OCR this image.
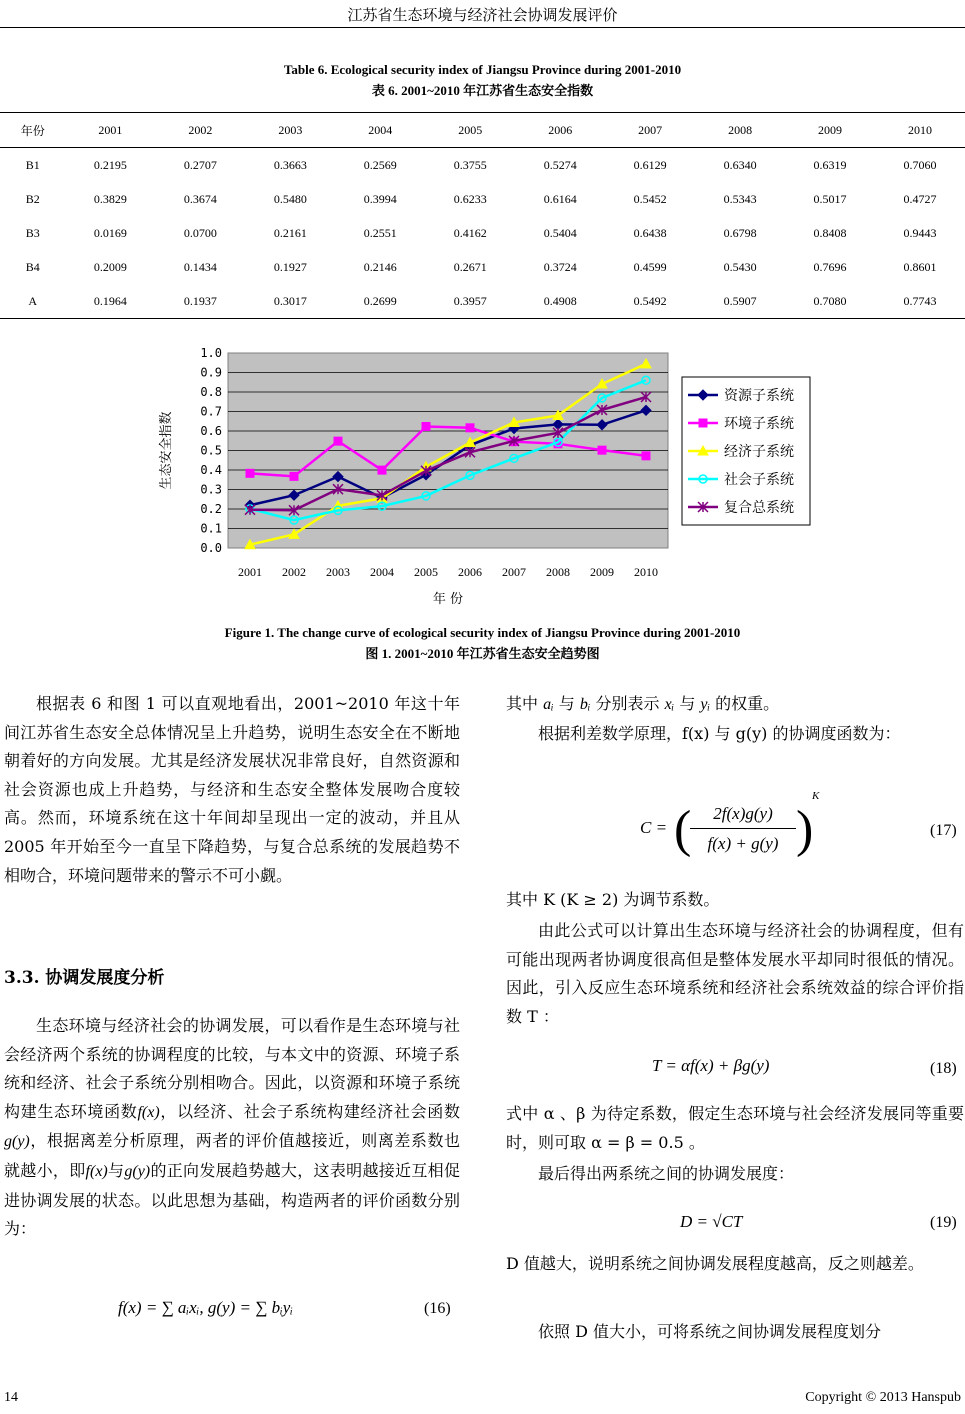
江苏省生态环境与经济社会协调发展评价
Table 6. Ecological security index of Jiangsu Province during 2001-2010
表 6. 2001~2010 年江苏省生态安全指数
年份	2001	2002	2003	2004	2005	2006	2007	2008	2009	2010
B1	0.2195	0.2707	0.3663	0.2569	0.3755	0.5274	0.6129	0.6340	0.6319	0.7060
B2	0.3829	0.3674	0.5480	0.3994	0.6233	0.6164	0.5452	0.5343	0.5017	0.4727
B3	0.0169	0.0700	0.2161	0.2551	0.4162	0.5404	0.6438	0.6798	0.8408	0.9443
B4	0.2009	0.1434	0.1927	0.2146	0.2671	0.3724	0.4599	0.5430	0.7696	0.8601
A	0.1964	0.1937	0.3017	0.2699	0.3957	0.4908	0.5492	0.5907	0.7080	0.7743
0.0
0.1
0.2
0.3
0.4
0.5
0.6
0.7
0.8
0.9
1.0
2001 2002 2003 2004 2005 2006 2007 2008 2009 2010
年 份
生态安全指数
资源子系统
环境子系统
经济子系统
社会子系统
复合总系统
Figure 1. The change curve of ecological security index of Jiangsu Province during 2001-2010
图 1. 2001~2010 年江苏省生态安全趋势图
根据表 6 和图 1 可以直观地看出，2001~2010 年这十年间江苏省生态安全总体情况呈上升趋势，说明生态安全在不断地朝着好的方向发展。尤其是经济发展状况非常良好，自然资源和社会资源也成上升趋势，与经济和生态安全整体发展吻合度较高。然而，环境系统在这十年间却呈现出一定的波动，并且从 2005 年开始至今一直呈下降趋势，与复合总系统的发展趋势不相吻合，环境问题带来的警示不可小觑。
3.3. 协调发展度分析
生态环境与经济社会的协调发展，可以看作是生态环境与社会经济两个系统的协调程度的比较，与本文中的资源、环境子系统和经济、社会子系统分别相吻合。因此，以资源和环境子系统构建生态环境函数f(x)，以经济、社会子系统构建经济社会函数g(y)，根据离差分析原理，两者的评价值越接近，则离差系数也就越小，即f(x)与g(y)的正向发展趋势越大，这表明越接近互相促进协调发展的状态。以此思想为基础，构造两者的评价函数分别为：
f(x) = ∑ aᵢxᵢ, g(y) = ∑ bᵢyᵢ	(16)
其中 aᵢ 与 bᵢ 分别表示 xᵢ 与 yᵢ 的权重。
根据利差数学原理，f(x) 与 g(y) 的协调度函数为：
C = (	2f(x)g(y)
f(x) + g(y) )
K
(17)
其中 K (K ≥ 2) 为调节系数。
由此公式可以计算出生态环境与经济社会的协调程度，但有可能出现两者协调度很高但是整体发展水平却同时很低的情况。因此，引入反应生态环境系统和经济社会系统效益的综合评价指数 T ：
T = αf(x) + βg(y)	(18)
式中 α 、β 为待定系数，假定生态环境与社会经济发展同等重要时，则可取 α = β = 0.5 。
最后得出两系统之间的协调发展度：
D = √CT	(19)
D 值越大，说明系统之间协调发展程度越高，反之则越差。
依照 D 值大小，可将系统之间协调发展程度划分
14	Copyright © 2013 Hanspub
